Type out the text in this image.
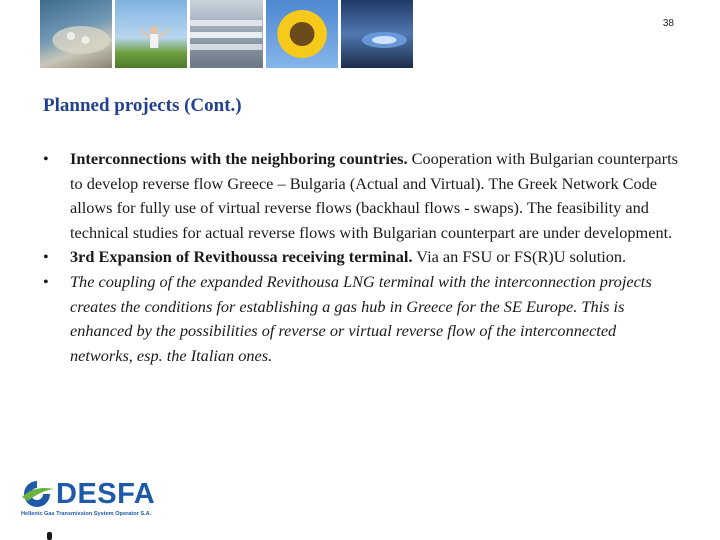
38
Planned projects (Cont.)
• Interconnections with the neighboring countries. Cooperation with Bulgarian counterparts to develop reverse flow Greece – Bulgaria (Actual and Virtual). The Greek Network Code allows for fully use of virtual reverse flows (backhaul flows - swaps). The feasibility and technical studies for actual reverse flows with Bulgarian counterpart are under development.
• 3rd Expansion of Revithoussa receiving terminal. Via an FSU or FS(R)U solution.
• The coupling of the expanded Revithousa LNG terminal with the interconnection projects creates the conditions for establishing a gas hub in Greece for the SE Europe. This is enhanced by the possibilities of reverse or virtual reverse flow of the interconnected networks, esp. the Italian ones.
DESFA
Hellenic Gas Transmission System Operator S.A.
